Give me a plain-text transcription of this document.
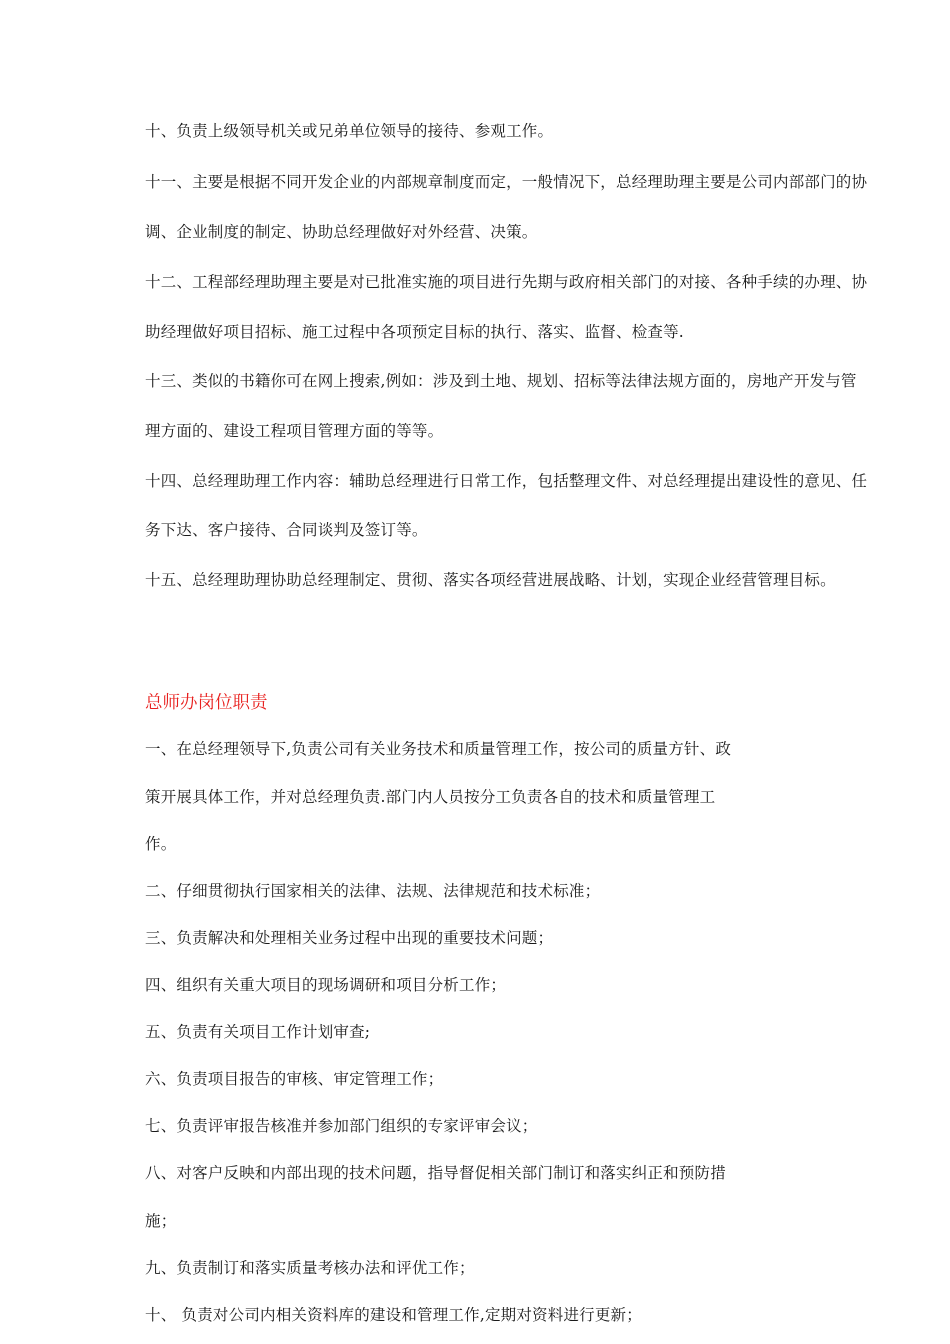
十、负责上级领导机关或兄弟单位领导的接待、参观工作。
十一、主要是根据不同开发企业的内部规章制度而定，一般情况下，总经理助理主要是公司内部部门的协
调、企业制度的制定、协助总经理做好对外经营、决策。
十二、工程部经理助理主要是对已批准实施的项目进行先期与政府相关部门的对接、各种手续的办理、协
助经理做好项目招标、施工过程中各项预定目标的执行、落实、监督、检查等.
十三、类似的书籍你可在网上搜索,例如：涉及到土地、规划、招标等法律法规方面的，房地产开发与管
理方面的、建设工程项目管理方面的等等。
十四、总经理助理工作内容：辅助总经理进行日常工作，包括整理文件、对总经理提出建设性的意见、任
务下达、客户接待、合同谈判及签订等。
十五、总经理助理协助总经理制定、贯彻、落实各项经营进展战略、计划，实现企业经营管理目标。
总师办岗位职责
一、在总经理领导下,负责公司有关业务技术和质量管理工作，按公司的质量方针、政
策开展具体工作，并对总经理负责.部门内人员按分工负责各自的技术和质量管理工
作。
二、仔细贯彻执行国家相关的法律、法规、法律规范和技术标准；
三、负责解决和处理相关业务过程中出现的重要技术问题；
四、组织有关重大项目的现场调研和项目分析工作；
五、负责有关项目工作计划审查;
六、负责项目报告的审核、审定管理工作；
七、负责评审报告核准并参加部门组织的专家评审会议；
八、对客户反映和内部出现的技术问题，指导督促相关部门制订和落实纠正和预防措
施；
九、负责制订和落实质量考核办法和评优工作；
十、 负责对公司内相关资料库的建设和管理工作,定期对资料进行更新；
